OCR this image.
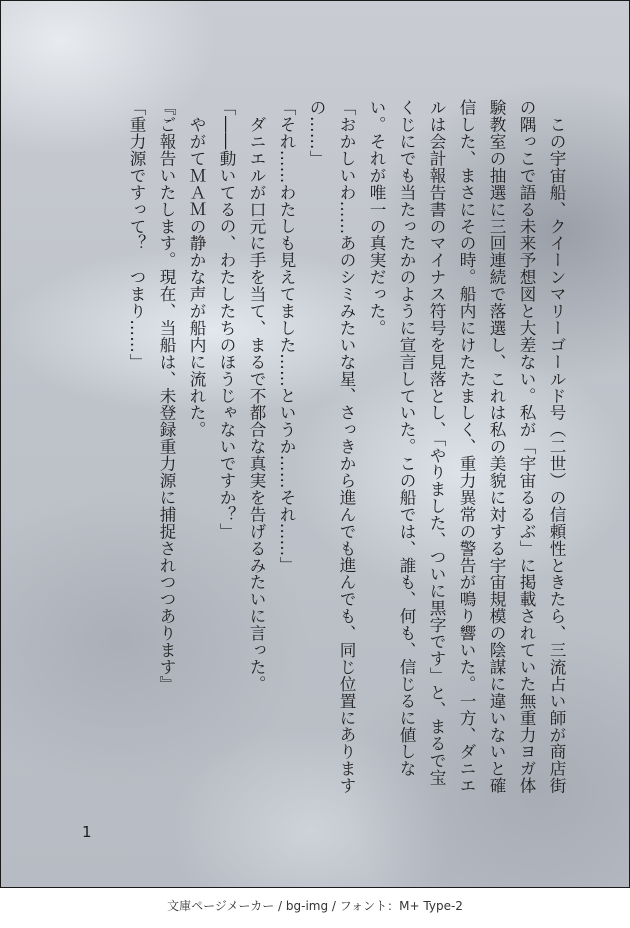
　この宇宙船、クイーンマリーゴールド号（二世）の信頼性ときたら、三流占い師が商店街の隅っこで語る未来予想図と大差ない。私が「宇宙るるぶ」に掲載されていた無重力ヨガ体験教室の抽選に三回連続で落選し、これは私の美貌に対する宇宙規模の陰謀に違いないと確信した、まさにその時。船内にけたたましく、重力異常の警告が鳴り響いた。一方、ダニエルは会計報告書のマイナス符号を見落とし、「やりました、ついに黒字です」と、まるで宝くじにでも当たったかのように宣言していた。この船では、誰も、何も、信じるに値しない。それが唯一の真実だった。

「おかしいわ……あのシミみたいな星、さっきから進んでも進んでも、同じ位置にありますの……」

「それ……わたしも見えてました……というか……それ……」

　ダニエルが口元に手を当て、まるで不都合な真実を告げるみたいに言った。

「――動いてるの、わたしたちのほうじゃないですか？」

　やがてＭＡＭの静かな声が船内に流れた。

『ご報告いたします。現在、当船は、未登録重力源に捕捉されつつあります』

「重力源ですって？　つまり……」

1
文庫ページメーカー / bg-img / フォント：M+ Type-2
